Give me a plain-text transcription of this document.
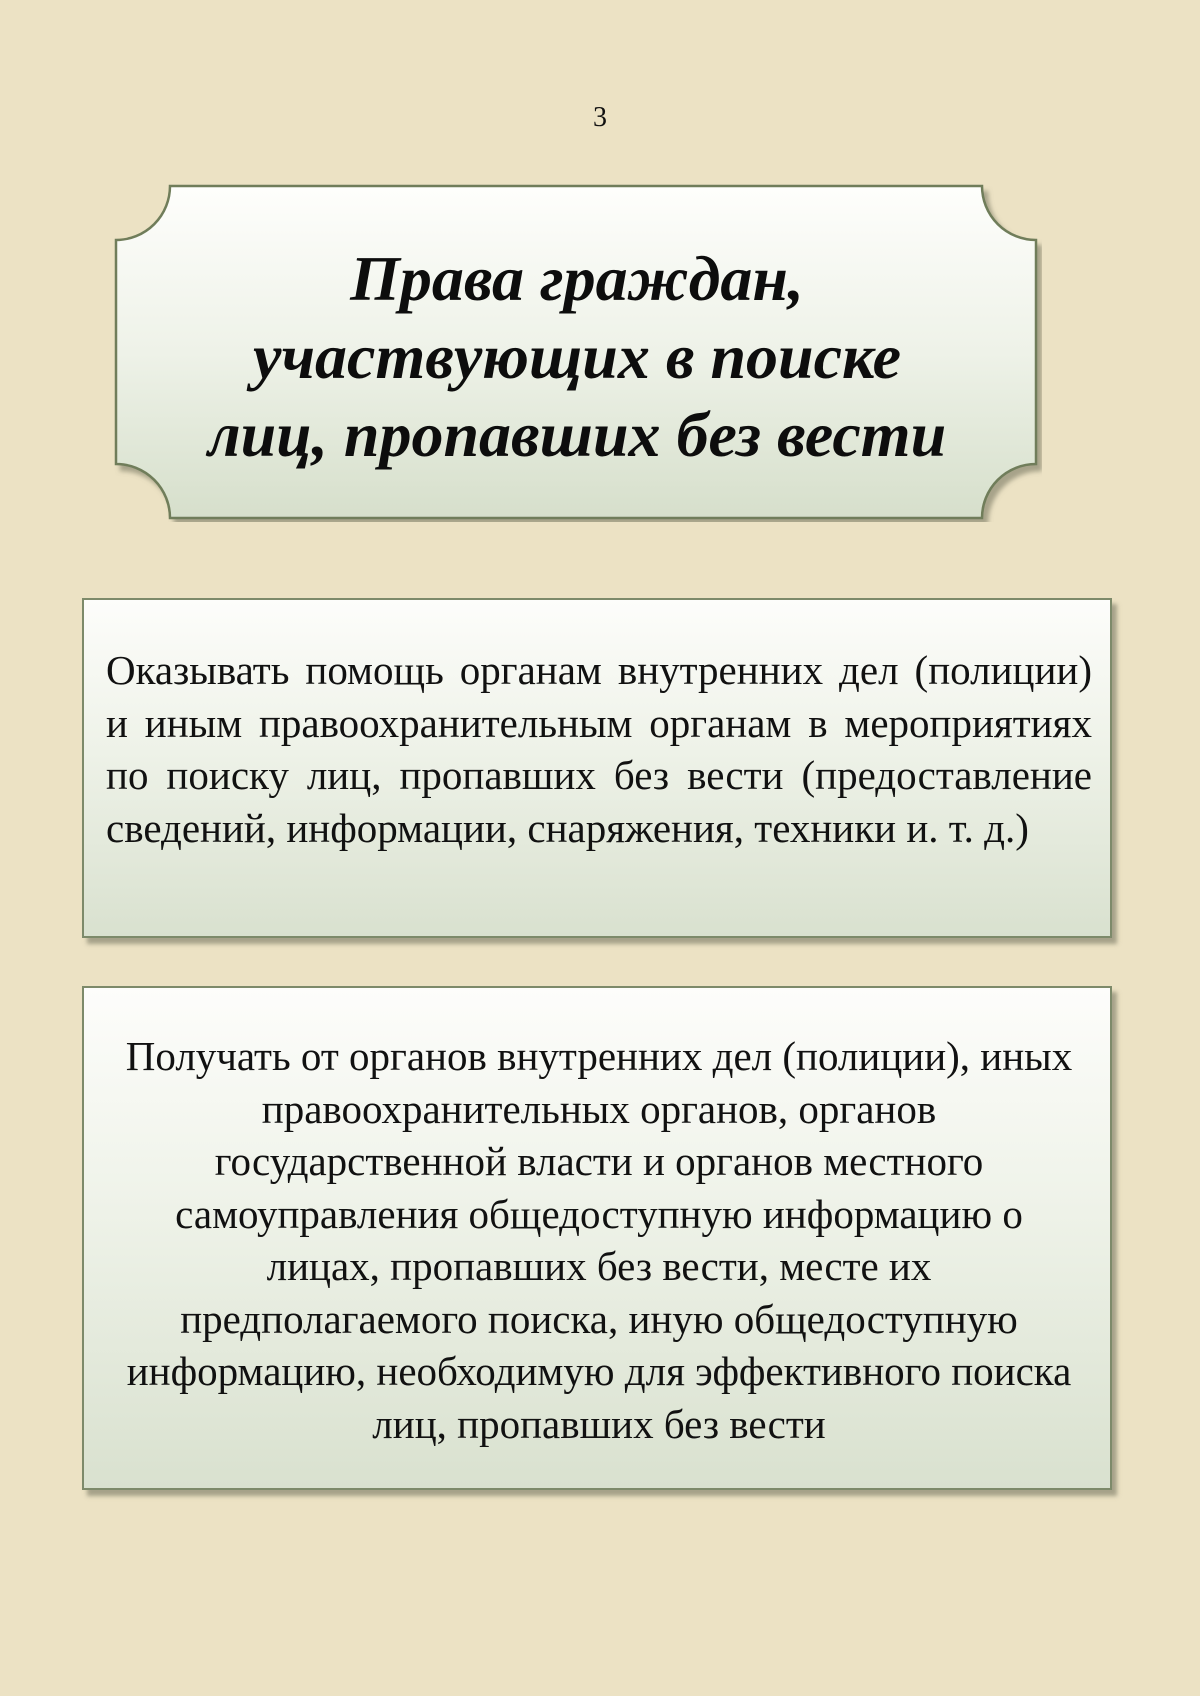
3
Права граждан,
участвующих в поиске
лиц, пропавших без вести
Оказывать помощь органам внутренних дел (полиции) и иным правоохранительным органам в мероприятиях по поиску лиц, пропавших без вести (предоставление сведений, информации, снаряжения, техники и. т. д.)
Получать от органов внутренних дел (полиции), иных правоохранительных органов, органов государственной власти и органов местного самоуправления общедоступную информацию о лицах, пропавших без вести, месте их предполагаемого поиска, иную общедоступную информацию, необходимую для эффективного поиска лиц, пропавших без вести
